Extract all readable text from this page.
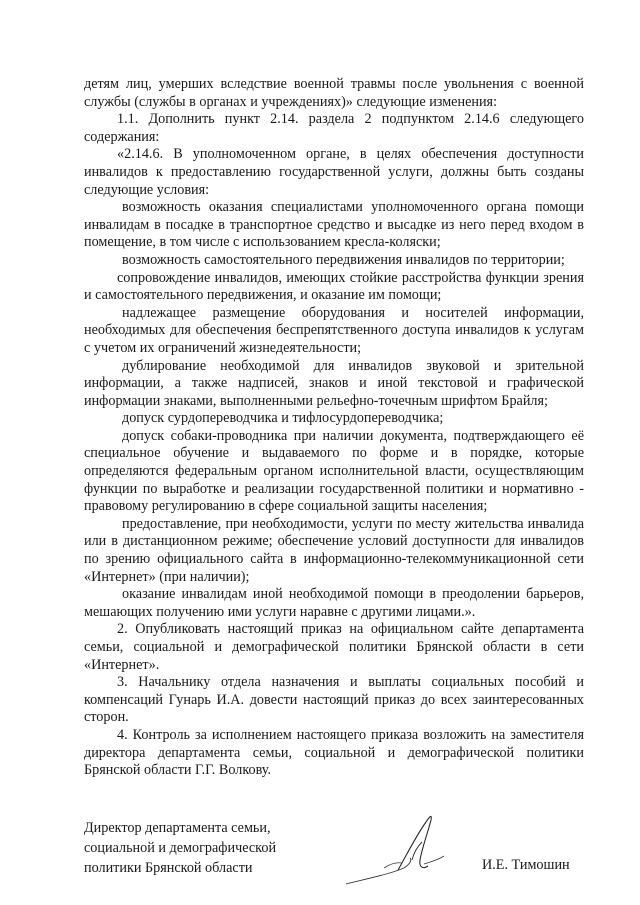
детям лиц, умерших вследствие военной травмы после увольнения с военной службы (службы в органах и учреждениях)» следующие изменения:

1.1. Дополнить пункт 2.14. раздела 2 подпунктом 2.14.6 следующего содержания:

«2.14.6. В уполномоченном органе, в целях обеспечения доступности инвалидов к предоставлению государственной услуги, должны быть созданы следующие условия:

возможность оказания специалистами уполномоченного органа помощи инвалидам в посадке в транспортное средство и высадке из него перед входом в помещение, в том числе с использованием кресла-коляски;

возможность самостоятельного передвижения инвалидов по территории;

сопровождение инвалидов, имеющих стойкие расстройства функции зрения и самостоятельного передвижения, и оказание им помощи;

надлежащее размещение оборудования и носителей информации, необходимых для обеспечения беспрепятственного доступа инвалидов к услугам с учетом их ограничений жизнедеятельности;

дублирование необходимой для инвалидов звуковой и зрительной информации, а также надписей, знаков и иной текстовой и графической информации знаками, выполненными рельефно-точечным шрифтом Брайля;

допуск сурдопереводчика и тифлосурдопереводчика;

допуск собаки-проводника при наличии документа, подтверждающего её специальное обучение и выдаваемого по форме и в порядке, которые определяются федеральным органом исполнительной власти, осуществляющим функции по выработке и реализации государственной политики и нормативно - правовому регулированию в сфере социальной защиты населения;

предоставление, при необходимости, услуги по месту жительства инвалида или в дистанционном режиме; обеспечение условий доступности для инвалидов по зрению официального сайта в информационно-телекоммуникационной сети «Интернет» (при наличии);

оказание инвалидам иной необходимой помощи в преодолении барьеров, мешающих получению ими услуги наравне с другими лицами.».

2. Опубликовать настоящий приказ на официальном сайте департамента семьи, социальной и демографической политики Брянской области в сети «Интернет».

3. Начальнику отдела назначения и выплаты социальных пособий и компенсаций Гунарь И.А. довести настоящий приказ до всех заинтересованных сторон.

4. Контроль за исполнением настоящего приказа возложить на заместителя директора департамента семьи, социальной и демографической политики Брянской области Г.Г. Волкову.

Директор департамента семьи,
социальной и демографической
политики Брянской области	И.Е. Тимошин
